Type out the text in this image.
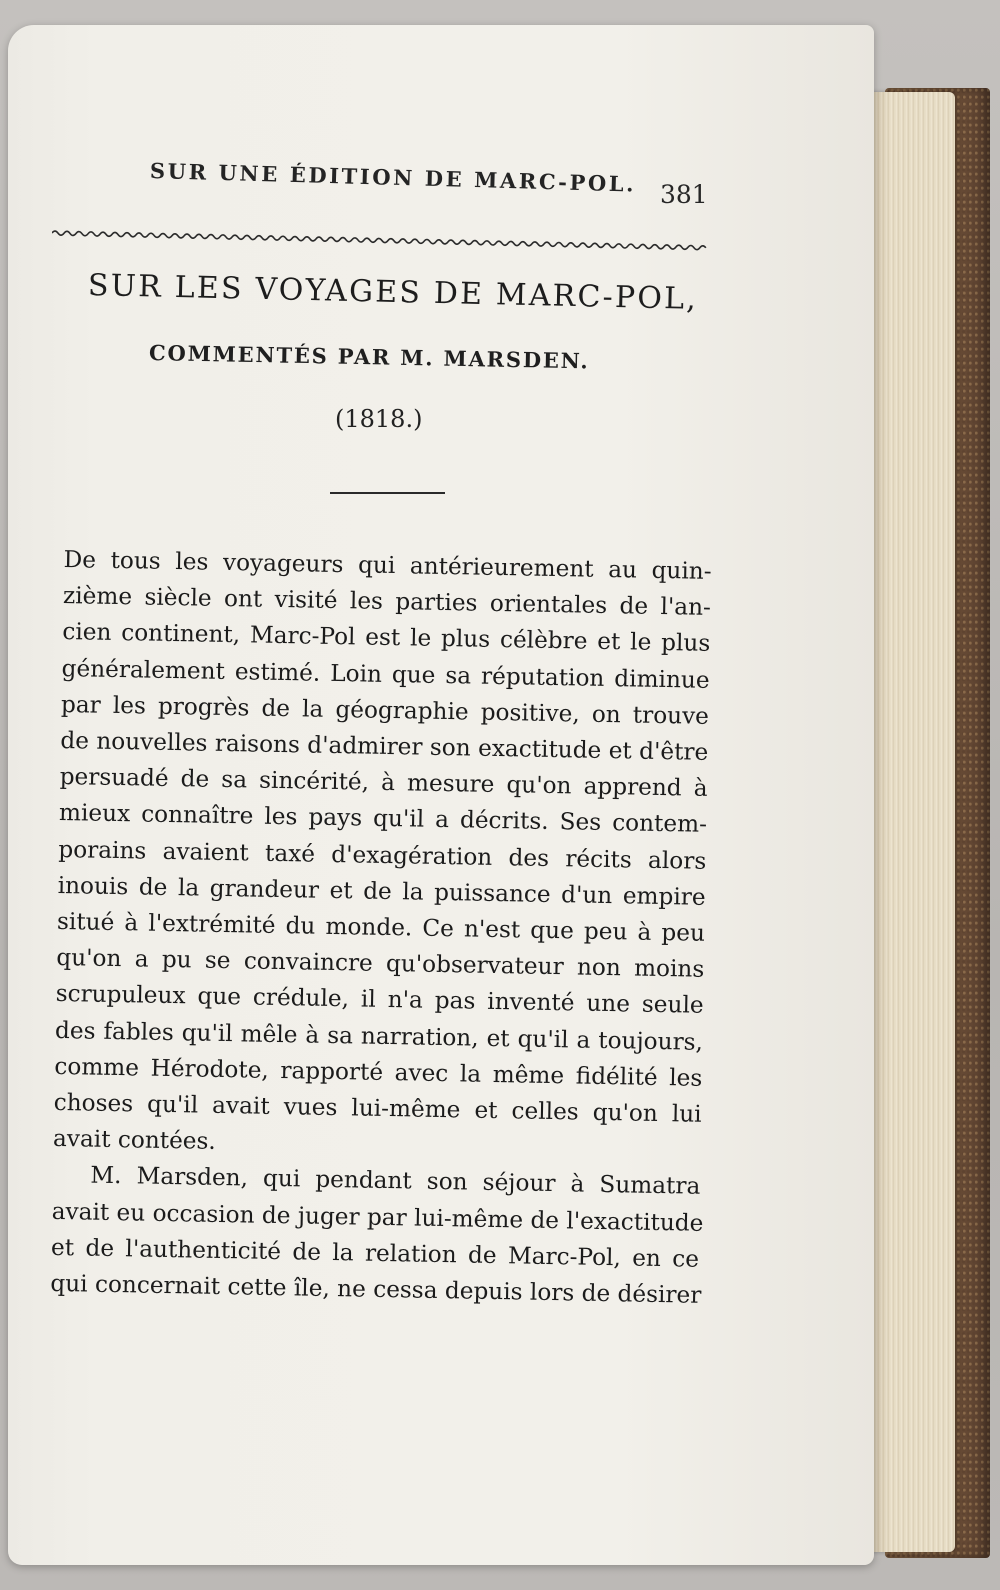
SUR UNE ÉDITION DE MARC-POL. 381
SUR LES VOYAGES DE MARC-POL,
COMMENTÉS PAR M. MARSDEN.
(1818.)

De tous les voyageurs qui antérieurement au quin-
zième siècle ont visité les parties orientales de l'an-
cien continent, Marc-Pol est le plus célèbre et le plus
généralement estimé. Loin que sa réputation diminue
par les progrès de la géographie positive, on trouve
de nouvelles raisons d'admirer son exactitude et d'être
persuadé de sa sincérité, à mesure qu'on apprend à
mieux connaître les pays qu'il a décrits. Ses contem-
porains avaient taxé d'exagération des récits alors
inouis de la grandeur et de la puissance d'un empire
situé à l'extrémité du monde. Ce n'est que peu à peu
qu'on a pu se convaincre qu'observateur non moins
scrupuleux que crédule, il n'a pas inventé une seule
des fables qu'il mêle à sa narration, et qu'il a toujours,
comme Hérodote, rapporté avec la même fidélité les
choses qu'il avait vues lui-même et celles qu'on lui
avait contées.

M. Marsden, qui pendant son séjour à Sumatra
avait eu occasion de juger par lui-même de l'exactitude
et de l'authenticité de la relation de Marc-Pol, en ce
qui concernait cette île, ne cessa depuis lors de désirer
